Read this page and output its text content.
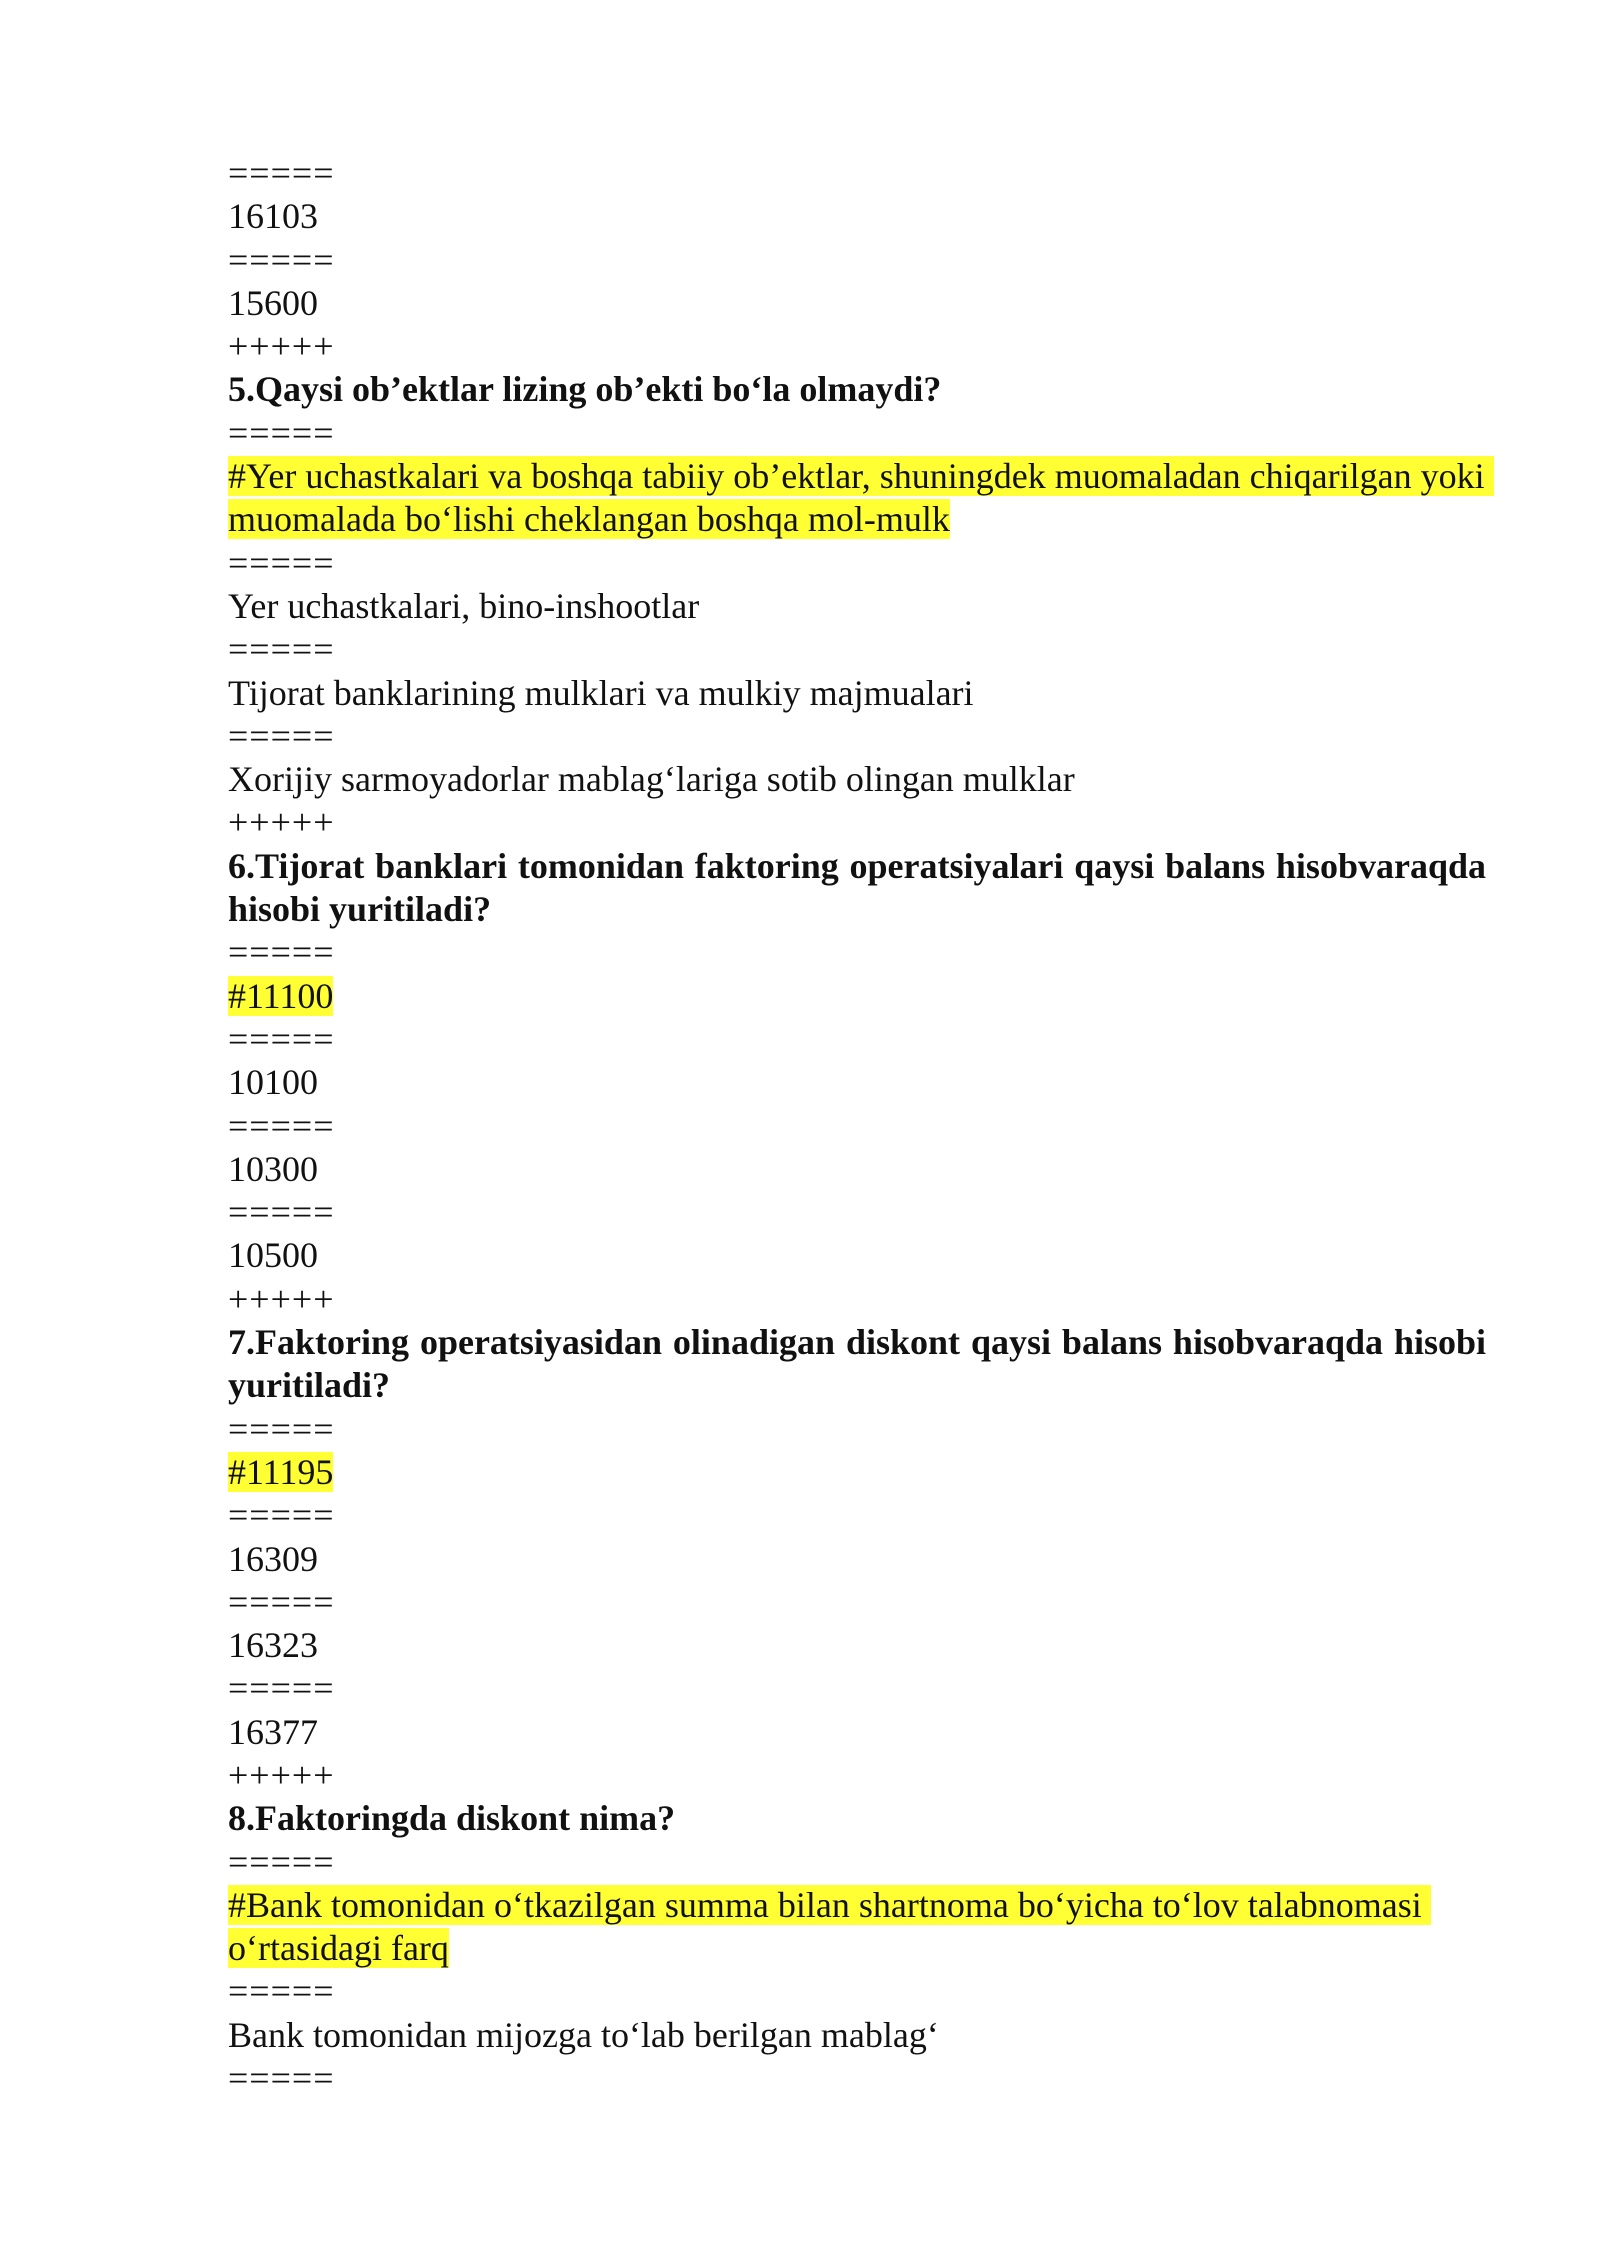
=====
16103
=====
15600
+++++
5.Qaysi ob’ektlar lizing ob’ekti bo‘la olmaydi?
=====
#Yer uchastkalari va boshqa tabiiy ob’ektlar, shuningdek muomaladan chiqarilgan yoki muomalada bo‘lishi cheklangan boshqa mol-mulk
=====
Yer uchastkalari, bino-inshootlar
=====
Tijorat banklarining mulklari va mulkiy majmualari
=====
Xorijiy sarmoyadorlar mablag‘lariga sotib olingan mulklar
+++++
6.Tijorat banklari tomonidan faktoring operatsiyalari qaysi balans hisobvaraqda hisobi yuritiladi?
=====
#11100
=====
10100
=====
10300
=====
10500
+++++
7.Faktoring operatsiyasidan olinadigan diskont qaysi balans hisobvaraqda hisobi yuritiladi?
=====
#11195
=====
16309
=====
16323
=====
16377
+++++
8.Faktoringda diskont nima?
=====
#Bank tomonidan o‘tkazilgan summa bilan shartnoma bo‘yicha to‘lov talabnomasi o‘rtasidagi farq
=====
Bank tomonidan mijozga to‘lab berilgan mablag‘
=====
